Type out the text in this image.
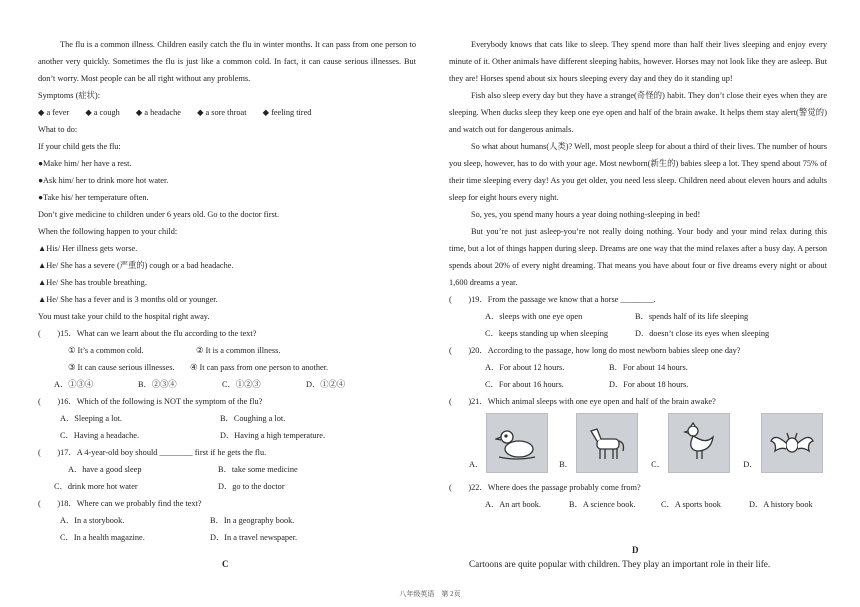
The flu is a common illness. Children easily catch the flu in winter months. It can pass from one person to another very quickly. Sometimes the flu is just like a common cold. In fact, it can cause serious illnesses. But don’t worry. Most people can be all right without any problems.

Symptoms (症状):

◆ a fever ◆ a cough ◆ a headache ◆ a sore throat ◆ feeling tired

What to do:

If your child gets the flu:

●Make him/ her have a rest.

●Ask him/ her to drink more hot water.

●Take his/ her temperature often.

Don’t give medicine to children under 6 years old. Go to the doctor first.

When the following happen to your child:

▲His/ Her illness gets worse.

▲He/ She has a severe (严重的) cough or a bad headache.

▲He/ She has trouble breathing.

▲He/ She has a fever and is 3 months old or younger.

You must take your child to the hospital right away.

(　　)15．What can we learn about the flu according to the text?

① It’s a common cold.	② It is a common illness.

③ It can cause serious illnesses. ④ It can pass from one person to another.

A．①③④	B．②③④	C．①②③	D．①②④

(　　)16．Which of the following is NOT the symptom of the flu?

A．Sleeping a lot.	B．Coughing a lot.

C．Having a headache.	D．Having a high temperature.

(　　)17．A 4-year-old boy should ________ first if he gets the flu.

A．have a good sleep	B．take some medicine

C．drink more hot water	D．go to the doctor

(　　)18．Where can we probably find the text?

A．In a storybook.	B．In a geography book.

C．In a health magazine.	D．In a travel newspaper.

C

Everybody knows that cats like to sleep. They spend more than half their lives sleeping and enjoy every minute of it. Other animals have different sleeping habits, however. Horses may not look like they are asleep. But they are! Horses spend about six hours sleeping every day and they do it standing up!

Fish also sleep every day but they have a strange(奇怪的) habit. They don’t close their eyes when they are sleeping. When ducks sleep they keep one eye open and half of the brain awake. It helps them stay alert(警觉的) and watch out for dangerous animals.

So what about humans(人类)? Well, most people sleep for about a third of their lives. The number of hours you sleep, however, has to do with your age. Most newborn(新生的) babies sleep a lot. They spend about 75% of their time sleeping every day! As you get older, you need less sleep. Children need about eleven hours and adults sleep for eight hours every night.

So, yes, you spend many hours a year doing nothing-sleeping in bed!

But you’re not just asleep-you’re not really doing nothing. Your body and your mind relax during this time, but a lot of things happen during sleep. Dreams are one way that the mind relaxes after a busy day. A person spends about 20% of every night dreaming. That means you have about four or five dreams every night or about 1,600 dreams a year.

(　　)19．From the passage we know that a horse ________.

A．sleeps with one eye open	B．spends half of its life sleeping

C．keeps standing up when sleeping	D．doesn’t close its eyes when sleeping

(　　)20．According to the passage, how long do most newborn babies sleep one day?

A．For about 12 hours.	B．For about 14 hours.

C．For about 16 hours.	D．For about 18 hours.

(　　)21．Which animal sleeps with one eye open and half of the brain awake?

A．
	B．
	C．
	D．

(　　)22．Where does the passage probably come from?

A．An art book.	B．A science book.	C．A sports book	D．A history book

D

Cartoons are quite popular with children. They play an important role in their life.

八年级英语　第 2页
